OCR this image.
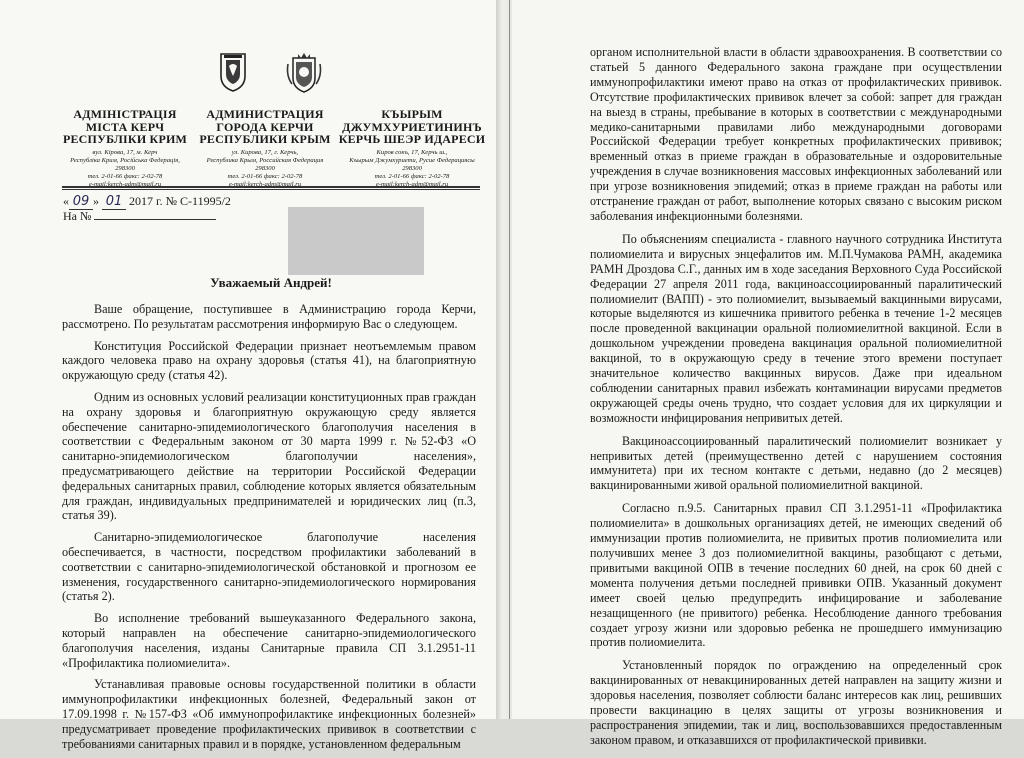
АДМІНІСТРАЦІЯ
МІСТА КЕРЧ
РЕСПУБЛІКИ КРИМ
вул. Кірова, 17, м. Керч
Республіка Крим, Російська Федерація,
298300
тел. 2-01-66 факс: 2-02-78
e-mail:kerch-adm@mail.ru
АДМИНИСТРАЦИЯ
ГОРОДА КЕРЧИ
РЕСПУБЛИКИ КРЫМ
ул. Кирова, 17, г. Керчь,
Республика Крым, Российская Федерация
298300
тел. 2-01-66 факс: 2-02-78
e-mail:kerch-adm@mail.ru
КЪЫРЫМ
ДЖУМХУРИЕТИНИНЪ
КЕРЧЬ ШЕЭР ИДАРЕСИ
Киров сокъ, 17, Керчь ш.,
Къырым Джумхуриети, Русие Федерациясы
298300
тел. 2-01-66 факс: 2-02-78
e-mail:kerch-adm@mail.ru
« 09 » 01 2017 г. № С-11995/2
На №
Уважаемый Андрей!

Ваше обращение, поступившее в Администрацию города Керчи, рассмотрено. По результатам рассмотрения информирую Вас о следующем.

Конституция Российской Федерации признает неотъемлемым правом каждого человека право на охрану здоровья (статья 41), на благоприятную окружающую среду (статья 42).

Одним из основных условий реализации конституционных прав граждан на охрану здоровья и благоприятную окружающую среду является обеспечение санитарно-эпидемиологического благополучия населения в соответствии с Федеральным законом от 30 марта 1999 г. №52-ФЗ «О санитарно-эпидемиологическом благополучии населения», предусматривающего действие на территории Российской Федерации федеральных санитарных правил, соблюдение которых является обязательным для граждан, индивидуальных предпринимателей и юридических лиц (п.3, статья 39).

Санитарно-эпидемиологическое благополучие населения обеспечивается, в частности, посредством профилактики заболеваний в соответствии с санитарно-эпидемиологической обстановкой и прогнозом ее изменения, государственного санитарно-эпидемиологического нормирования (статья 2).

Во исполнение требований вышеуказанного Федерального закона, который направлен на обеспечение санитарно-эпидемиологического благополучия населения, изданы Санитарные правила СП 3.1.2951-11 «Профилактика полиомиелита».

Устанавливая правовые основы государственной политики в области иммунопрофилактики инфекционных болезней, Федеральный закон от 17.09.1998 г. №157-ФЗ «Об иммунопрофилактике инфекционных болезней» предусматривает проведение профилактических прививок в соответствии с требованиями санитарных правил и в порядке, установленном федеральным

органом исполнительной власти в области здравоохранения. В соответствии со статьей 5 данного Федерального закона граждане при осуществлении иммунопрофилактики имеют право на отказ от профилактических прививок. Отсутствие профилактических прививок влечет за собой: запрет для граждан на выезд в страны, пребывание в которых в соответствии с международными медико-санитарными правилами либо международными договорами Российской Федерации требует конкретных профилактических прививок; временный отказ в приеме граждан в образовательные и оздоровительные учреждения в случае возникновения массовых инфекционных заболеваний или при угрозе возникновения эпидемий; отказ в приеме граждан на работы или отстранение граждан от работ, выполнение которых связано с высоким риском заболевания инфекционными болезнями.

По объяснениям специалиста - главного научного сотрудника Института полиомиелита и вирусных энцефалитов им. М.П.Чумакова РАМН, академика РАМН Дроздова С.Г., данных им в ходе заседания Верховного Суда Российской Федерации 27 апреля 2011 года, вакциноассоциированный паралитический полиомиелит (ВАПП) - это полиомиелит, вызываемый вакцинными вирусами, которые выделяются из кишечника привитого ребенка в течение 1-2 месяцев после проведенной вакцинации оральной полиомиелитной вакциной. Если в дошкольном учреждении проведена вакцинация оральной полиомиелитной вакциной, то в окружающую среду в течение этого времени поступает значительное количество вакцинных вирусов. Даже при идеальном соблюдении санитарных правил избежать контаминации вирусами предметов окружающей среды очень трудно, что создает условия для их циркуляции и возможности инфицирования непривитых детей.

Вакциноассоциированный паралитический полиомиелит возникает у непривитых детей (преимущественно детей с нарушением состояния иммунитета) при их тесном контакте с детьми, недавно (до 2 месяцев) вакцинированными живой оральной полиомиелитной вакциной.

Согласно п.9.5. Санитарных правил СП 3.1.2951-11 «Профилактика полиомиелита» в дошкольных организациях детей, не имеющих сведений об иммунизации против полиомиелита, не привитых против полиомиелита или получивших менее 3 доз полиомиелитной вакцины, разобщают с детьми, привитыми вакциной ОПВ в течение последних 60 дней, на срок 60 дней с момента получения детьми последней прививки ОПВ. Указанный документ имеет своей целью предупредить инфицирование и заболевание незащищенного (не привитого) ребенка. Несоблюдение данного требования создает угрозу жизни или здоровью ребенка не прошедшего иммунизацию против полиомиелита.

Установленный порядок по ограждению на определенный срок вакцинированных от невакцинированных детей направлен на защиту жизни и здоровья населения, позволяет соблюсти баланс интересов как лиц, решивших провести вакцинацию в целях защиты от угрозы возникновения и распространения эпидемии, так и лиц, воспользовавшихся предоставленным законом правом, и отказавшихся от профилактической прививки.
